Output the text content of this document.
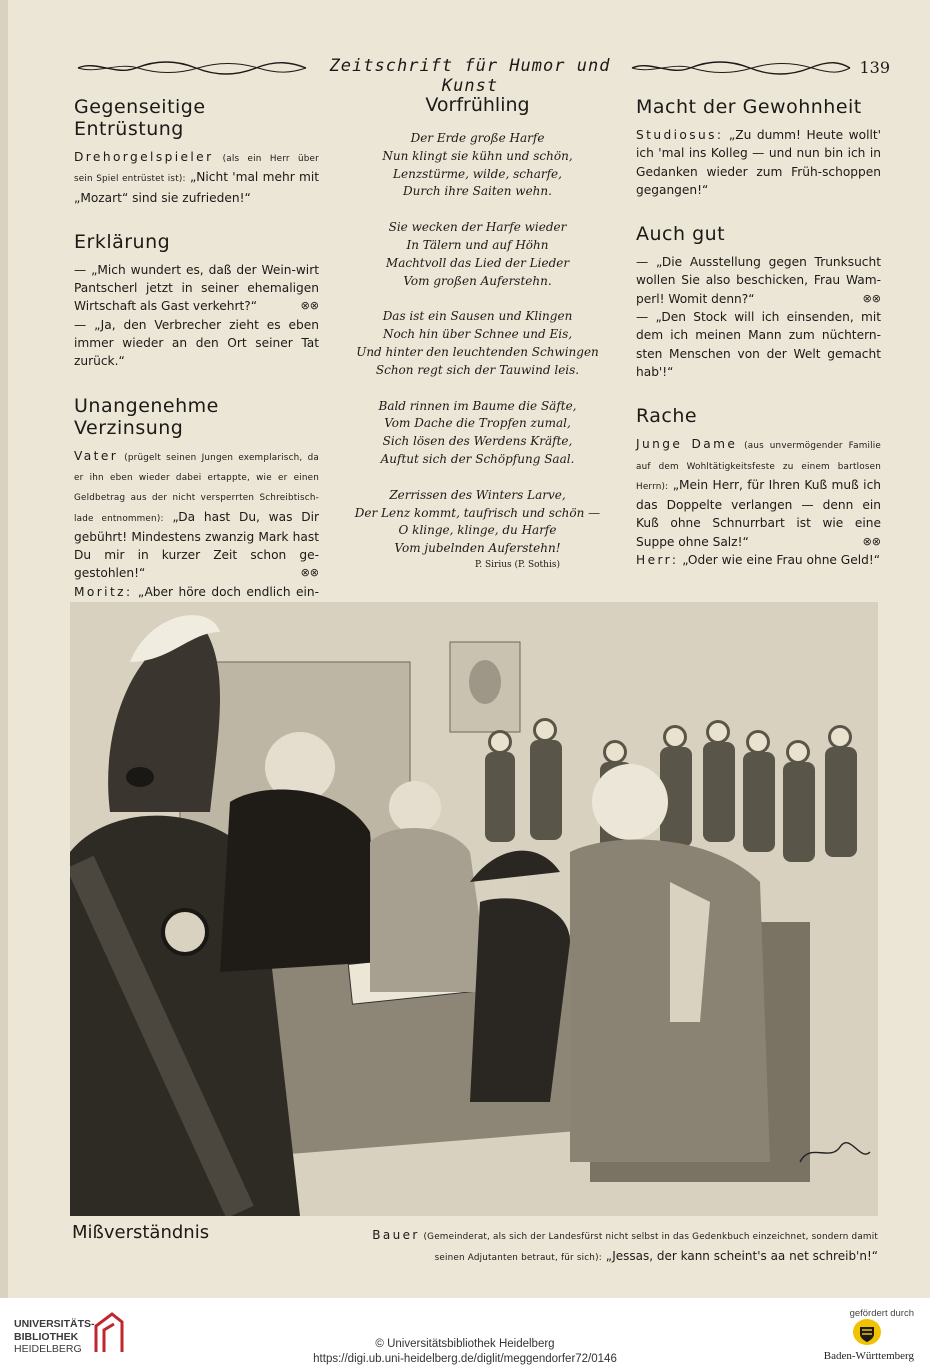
Zeitschrift für Humor und Kunst
139
Gegenseitige Entrüstung

Drehorgelspieler (als ein Herr über sein Spiel entrüstet ist): „Nicht 'mal mehr mit „Mozart“ sind sie zufrieden!“

Erklärung

— „Mich wundert es, daß der Wein-wirt Pantscherl jetzt in seiner ehemaligen Wirtschaft als Gast verkehrt?“	⊗⊗

— „Ja, den Verbrecher zieht es eben immer wieder an den Ort seiner Tat zurück.“

Unangenehme Verzinsung

Vater (prügelt seinen Jungen exemplarisch, da er ihn eben wieder dabei ertappte, wie er einen Geldbetrag aus der nicht versperrten Schreibtisch-lade entnommen): „Da hast Du, was Dir gebührt! Mindestens zwanzig Mark hast Du mir in kurzer Zeit schon ge-gestohlen!“	⊗⊗

Moritz: „Aber höre doch endlich ein-

Vorfrühling
Der Erde große Harfe
Nun klingt sie kühn und schön,
Lenzstürme, wilde, scharfe,
Durch ihre Saiten wehn.
Sie wecken der Harfe wieder
In Tälern und auf Höhn
Machtvoll das Lied der Lieder
Vom großen Auferstehn.
Das ist ein Sausen und Klingen
Noch hin über Schnee und Eis,
Und hinter den leuchtenden Schwingen
Schon regt sich der Tauwind leis.
Bald rinnen im Baume die Säfte,
Vom Dache die Tropfen zumal,
Sich lösen des Werdens Kräfte,
Auftut sich der Schöpfung Saal.
Zerrissen des Winters Larve,
Der Lenz kommt, taufrisch und schön —
O klinge, klinge, du Harfe
Vom jubelnden Auferstehn!
P. Sirius (P. Sothis)
Macht der Gewohnheit

Studiosus: „Zu dumm! Heute wollt' ich 'mal ins Kolleg — und nun bin ich in Gedanken wieder zum Früh-schoppen gegangen!“

Auch gut

— „Die Ausstellung gegen Trunksucht wollen Sie also beschicken, Frau Wam-perl! Womit denn?“	⊗⊗

— „Den Stock will ich einsenden, mit dem ich meinen Mann zum nüchtern-sten Menschen von der Welt gemacht hab'!“

Rache

Junge Dame (aus unvermögender Familie auf dem Wohltätigkeitsfeste zu einem bartlosen Herrn): „Mein Herr, für Ihren Kuß muß ich das Doppelte verlangen — denn ein Kuß ohne Schnurrbart ist wie eine Suppe ohne Salz!“	⊗⊗

Herr: „Oder wie eine Frau ohne Geld!“

Mißverständnis	Bauer (Gemeinderat, als sich der Landesfürst nicht selbst in das Gedenkbuch einzeichnet, sondern damit seinen Adjutanten betraut, für sich): „Jessas, der kann scheint's aa net schreib'n!“
UNIVERSITÄTS-
BIBLIOTHEK
HEIDELBERG	© Universitätsbibliothek Heidelberg
https://digi.ub.uni-heidelberg.de/diglit/meggendorfer72/0146
gefördert durch
Baden-Württemberg
